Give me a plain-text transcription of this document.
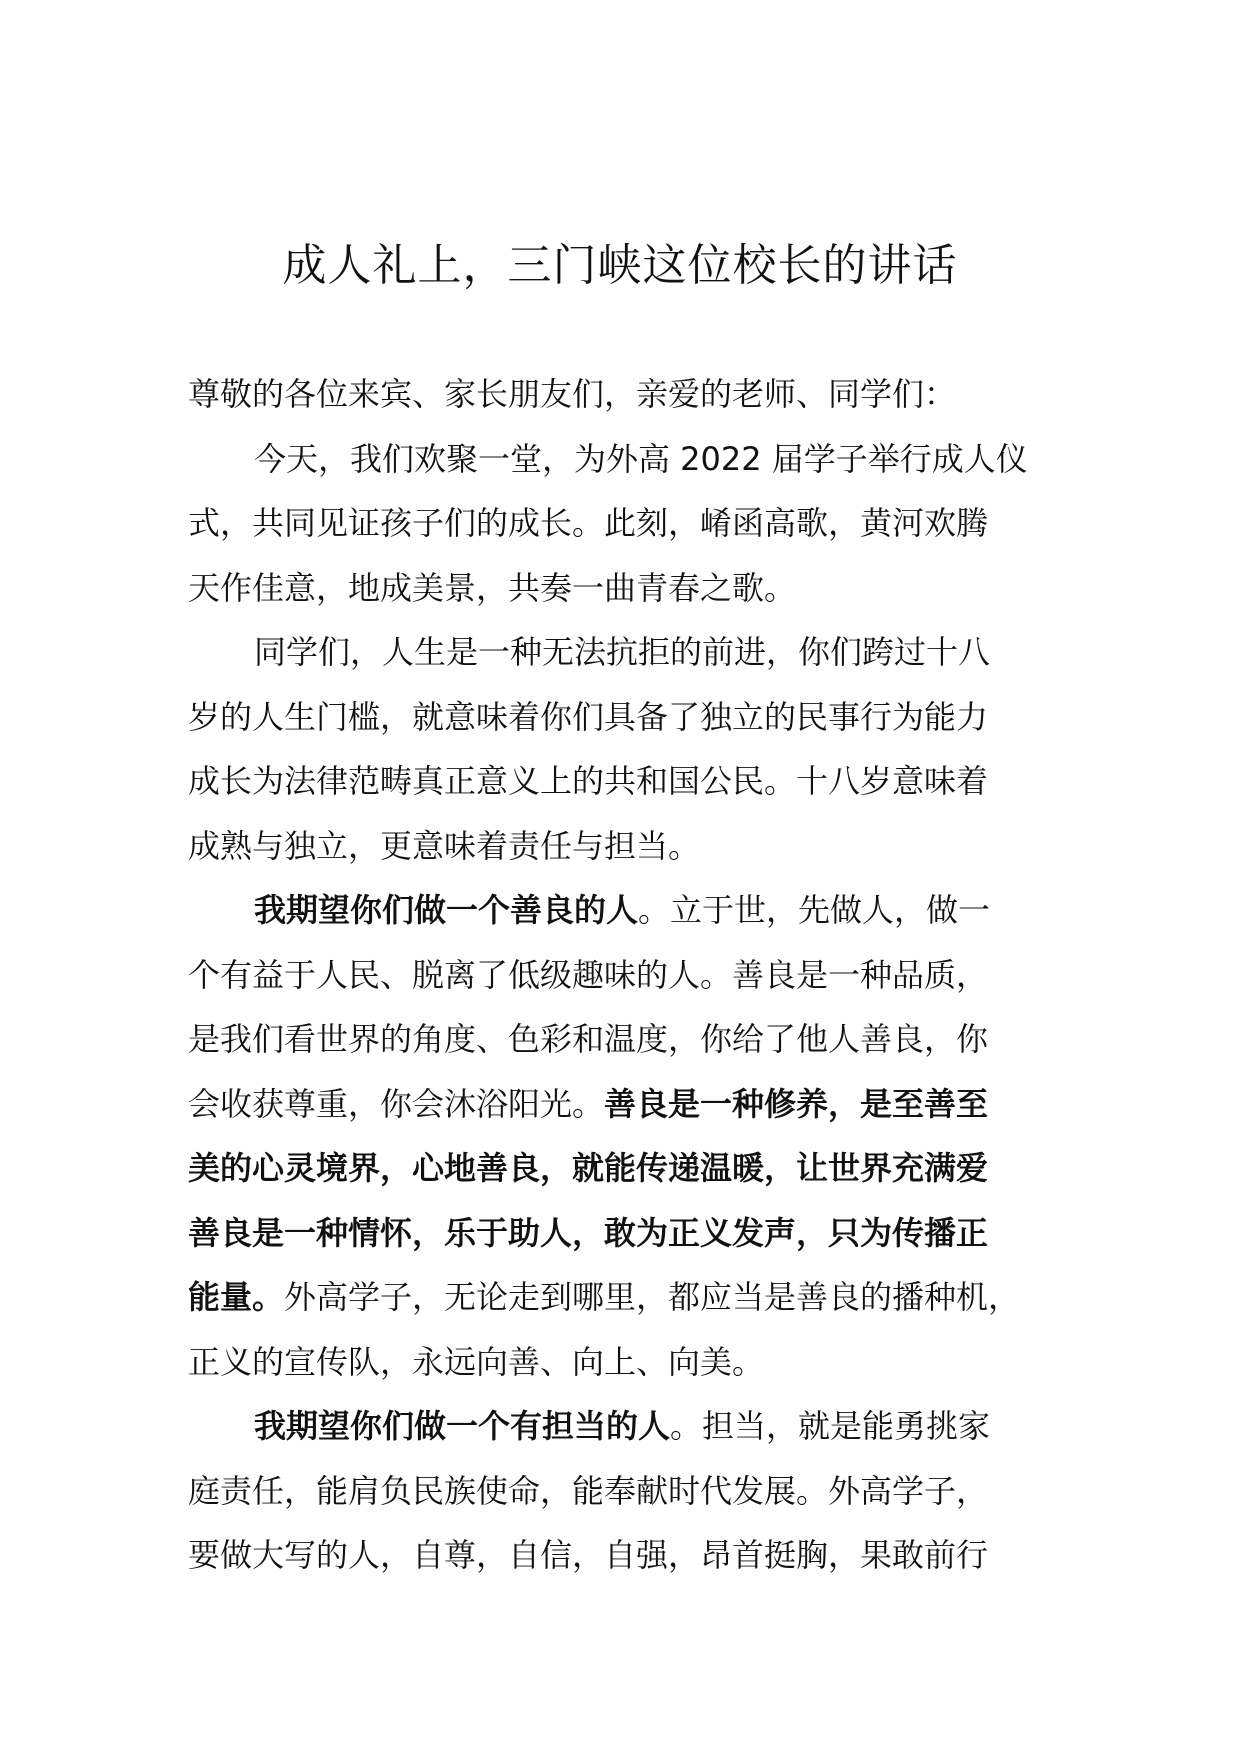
成人礼上，三门峡这位校长的讲话

尊敬的各位来宾、家长朋友们，亲爱的老师、同学们：

今天，我们欢聚一堂，为外高 2022 届学子举行成人仪
式，共同见证孩子们的成长。此刻，崤函高歌，黄河欢腾
天作佳意，地成美景，共奏一曲青春之歌。
同学们，人生是一种无法抗拒的前进，你们跨过十八
岁的人生门槛，就意味着你们具备了独立的民事行为能力
成长为法律范畴真正意义上的共和国公民。十八岁意味着
成熟与独立，更意味着责任与担当。
我期望你们做一个善良的人。立于世，先做人，做一
个有益于人民、脱离了低级趣味的人。善良是一种品质，
是我们看世界的角度、色彩和温度，你给了他人善良，你
会收获尊重，你会沐浴阳光。善良是一种修养，是至善至
美的心灵境界，心地善良，就能传递温暖，让世界充满爱
善良是一种情怀，乐于助人，敢为正义发声，只为传播正
能量。外高学子，无论走到哪里，都应当是善良的播种机，
正义的宣传队，永远向善、向上、向美。
我期望你们做一个有担当的人。担当，就是能勇挑家
庭责任，能肩负民族使命，能奉献时代发展。外高学子，
要做大写的人，自尊，自信，自强，昂首挺胸，果敢前行
